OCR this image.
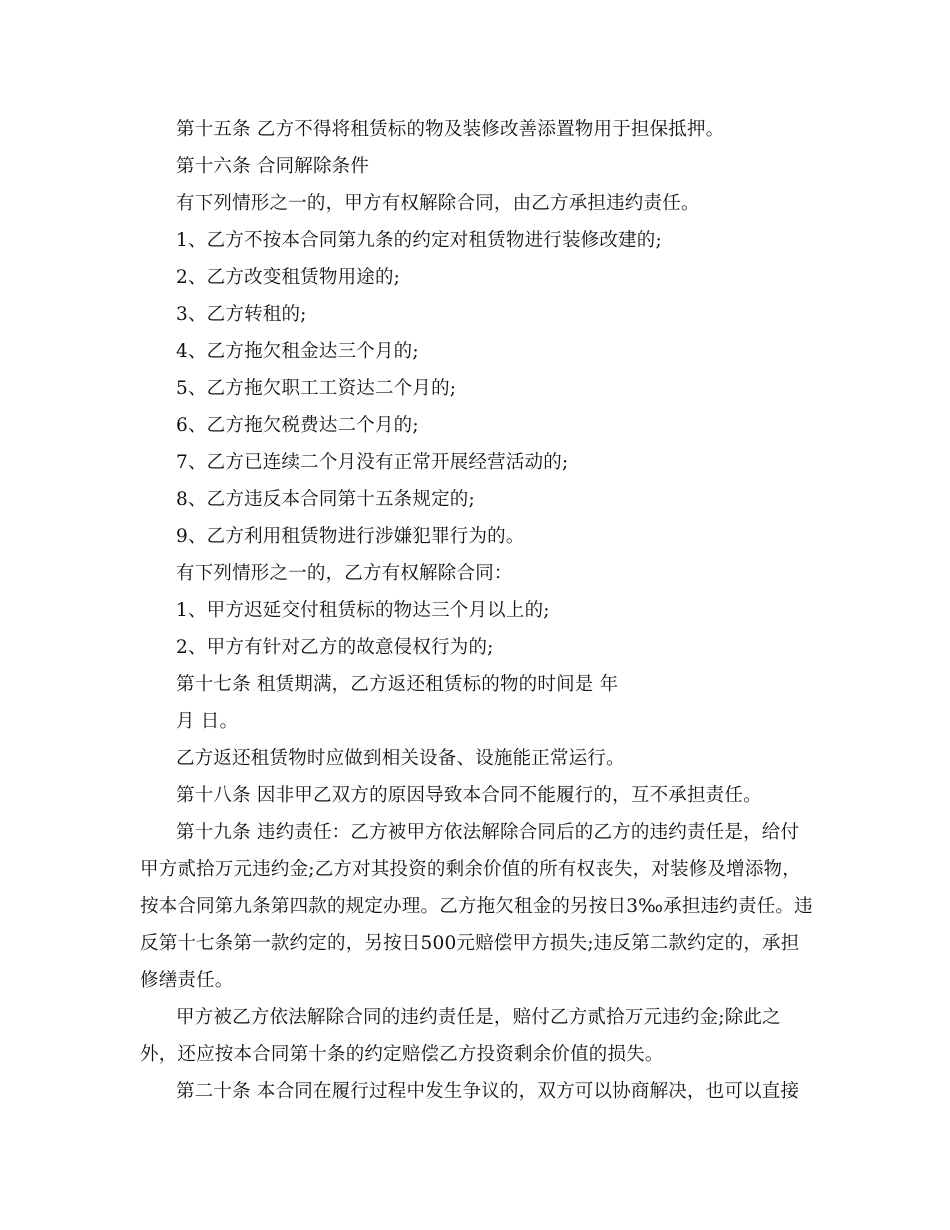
第十五条 乙方不得将租赁标的物及装修改善添置物用于担保抵押。
第十六条 合同解除条件
有下列情形之一的，甲方有权解除合同，由乙方承担违约责任。
1、乙方不按本合同第九条的约定对租赁物进行装修改建的;
2、乙方改变租赁物用途的;
3、乙方转租的;
4、乙方拖欠租金达三个月的;
5、乙方拖欠职工工资达二个月的;
6、乙方拖欠税费达二个月的;
7、乙方已连续二个月没有正常开展经营活动的;
8、乙方违反本合同第十五条规定的;
9、乙方利用租赁物进行涉嫌犯罪行为的。
有下列情形之一的，乙方有权解除合同：
1、甲方迟延交付租赁标的物达三个月以上的;
2、甲方有针对乙方的故意侵权行为的;
第十七条 租赁期满，乙方返还租赁标的物的时间是 年
月 日。
乙方返还租赁物时应做到相关设备、设施能正常运行。
第十八条 因非甲乙双方的原因导致本合同不能履行的，互不承担责任。
第十九条 违约责任：乙方被甲方依法解除合同后的乙方的违约责任是，给付
甲方贰拾万元违约金;乙方对其投资的剩余价值的所有权丧失，对装修及增添物，
按本合同第九条第四款的规定办理。乙方拖欠租金的另按日3‰承担违约责任。违
反第十七条第一款约定的，另按日500元赔偿甲方损失;违反第二款约定的，承担
修缮责任。
甲方被乙方依法解除合同的违约责任是，赔付乙方贰拾万元违约金;除此之
外，还应按本合同第十条的约定赔偿乙方投资剩余价值的损失。
第二十条 本合同在履行过程中发生争议的，双方可以协商解决，也可以直接
